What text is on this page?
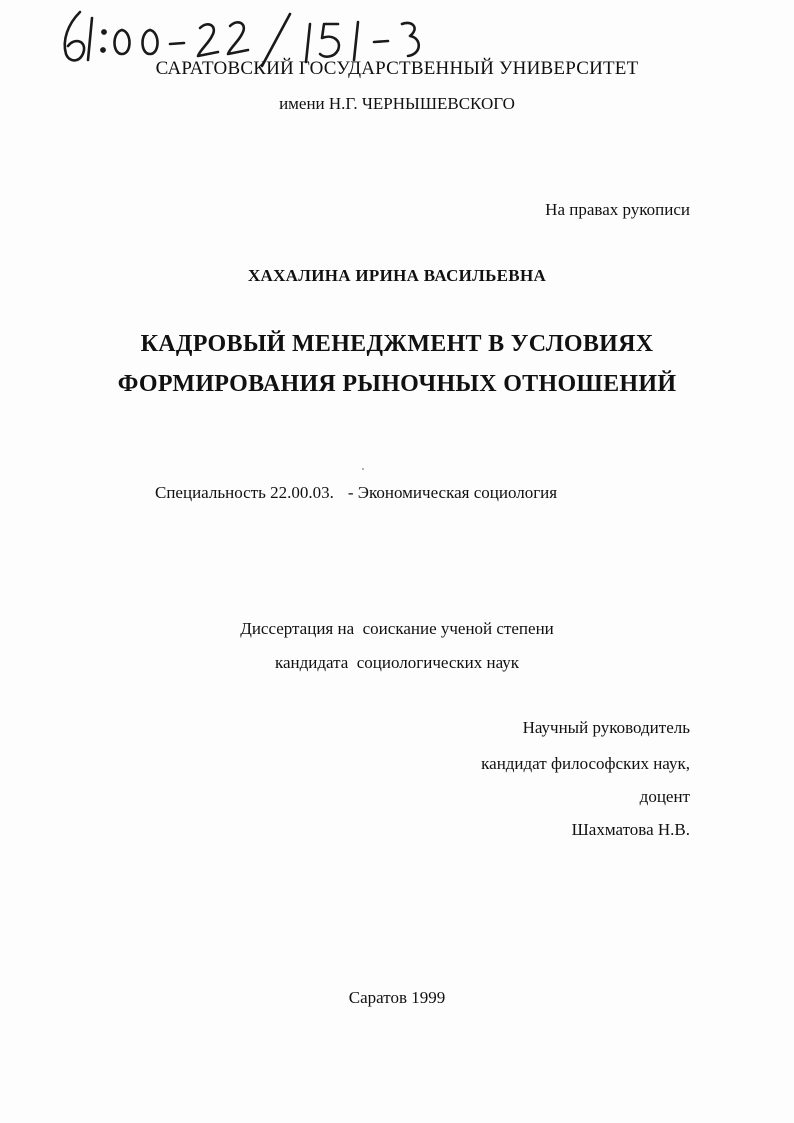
САРАТОВСКИЙ ГОСУДАРСТВЕННЫЙ УНИВЕРСИТЕТ
имени Н.Г. ЧЕРНЫШЕВСКОГО
На правах рукописи
ХАХАЛИНА ИРИНА ВАСИЛЬЕВНА
КАДРОВЫЙ МЕНЕДЖМЕНТ В УСЛОВИЯХ
ФОРМИРОВАНИЯ РЫНОЧНЫХ ОТНОШЕНИЙ
Специальность 22.00.03. - Экономическая социология
Диссертация на  соискание ученой степени
кандидата  социологических наук
Научный руководитель
кандидат философских наук,
доцент
Шахматова Н.В.
Саратов 1999
